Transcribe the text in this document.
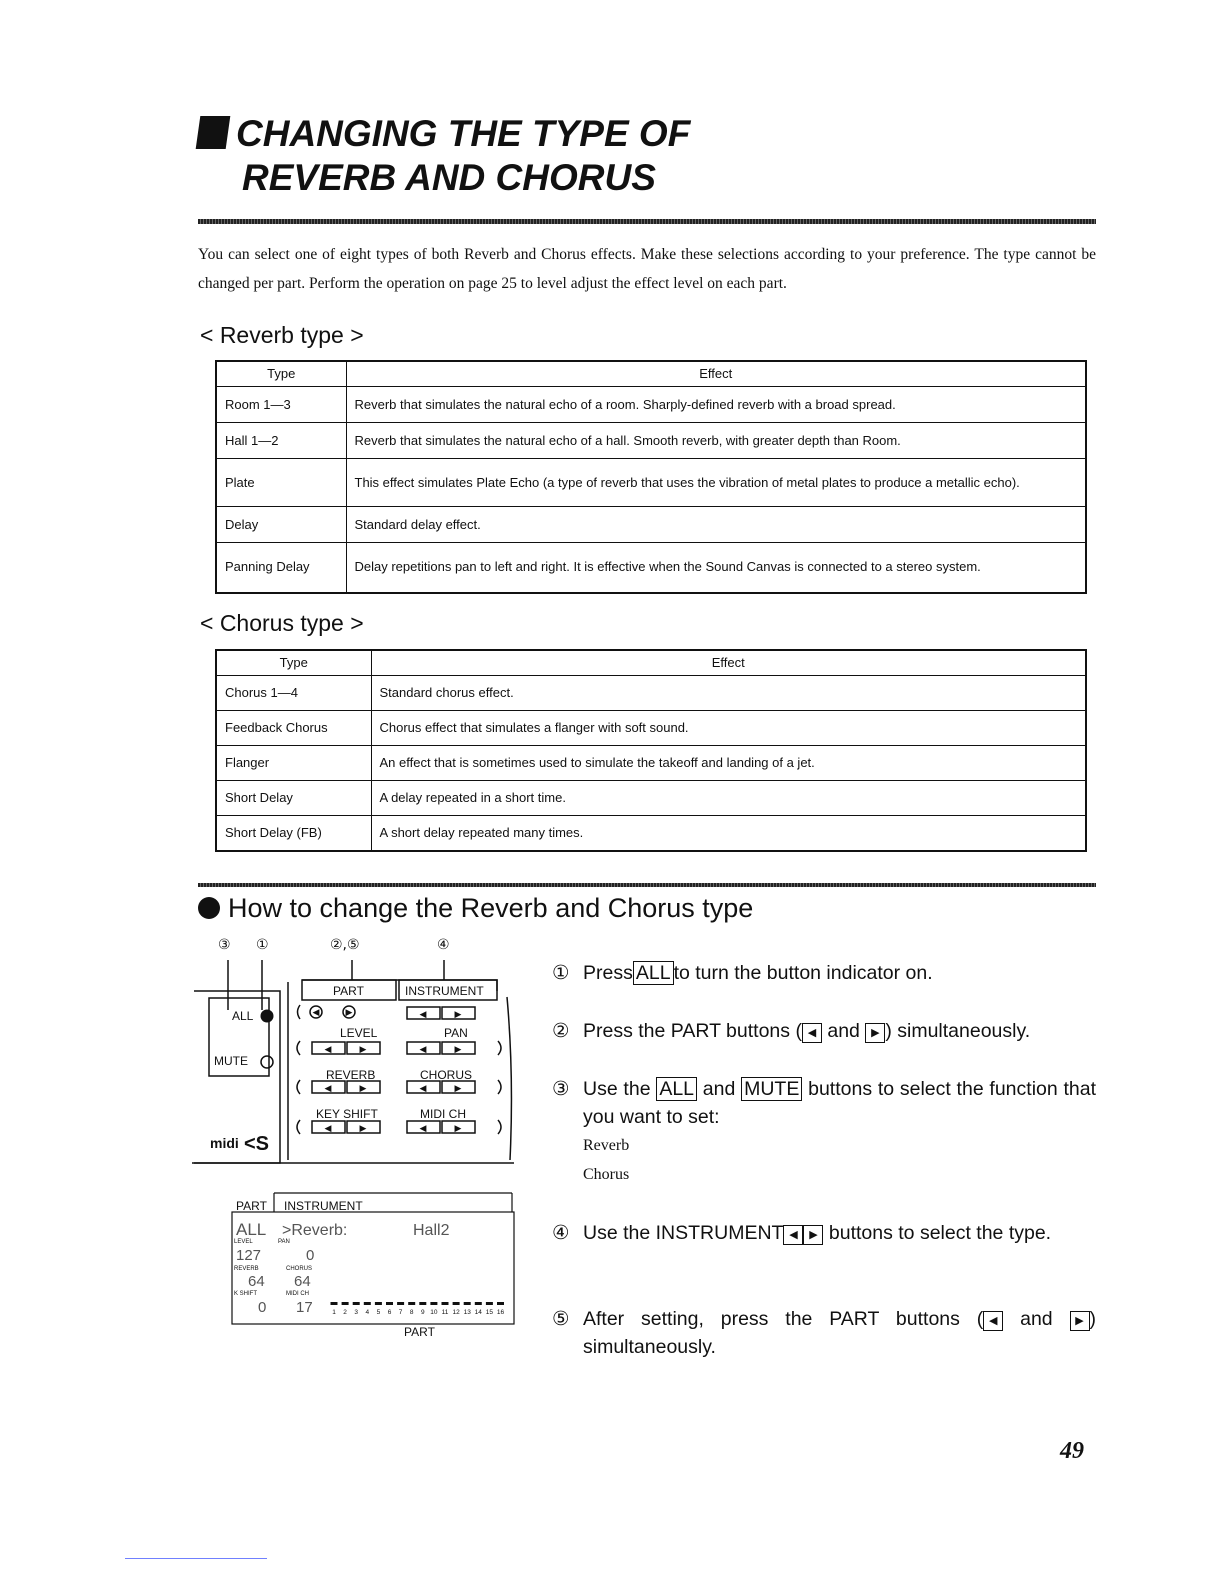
CHANGING THE TYPE OF
REVERB AND CHORUS
You can select one of eight types of both Reverb and Chorus effects. Make these selections according to your preference. The type cannot be changed per part. Perform the operation on page 25 to level adjust the effect level on each part.
< Reverb type >
Type	Effect
Room 1—3	Reverb that simulates the natural echo of a room. Sharply-defined reverb with a broad spread.
Hall 1—2	Reverb that simulates the natural echo of a hall. Smooth reverb, with greater depth than Room.
Plate	This effect simulates Plate Echo (a type of reverb that uses the vibration of metal plates to produce a metallic echo).
Delay	Standard delay effect.
Panning Delay	Delay repetitions pan to left and right. It is effective when the Sound Canvas is connected to a stereo system.
< Chorus type >
Type	Effect
Chorus 1—4	Standard chorus effect.
Feedback Chorus	Chorus effect that simulates a flanger with soft sound.
Flanger	An effect that is sometimes used to simulate the takeoff and landing of a jet.
Short Delay	A delay repeated in a short time.
Short Delay (FB)	A short delay repeated many times.
How to change the Reverb and Chorus type
③ ①	②,⑤	④
ALL
MUTE
PART	INSTRUMENT
LEVEL	PAN
REVERB	CHORUS
KEY SHIFT	MIDI CH
midi <S
◀	▶	◀	▶
◀	▶	◀	▶
◀	▶	◀	▶
◀	▶	◀	▶
PART INSTRUMENT
ALL >Reverb:	Hall2
127	0
64 64
0 17
LEVEL	PAN
REVERB	CHORUS
K SHIFT	MIDI CH
1 2 3 4 5 6 7 8 9 10 11 12 13 14 15 16
PART
① Press ALL to turn the button indicator on.
② Press the PART buttons ( ◀ and ▶ ) simultaneously.
③ Use the ALL and MUTE buttons to select the function that you want to set:
Reverb
Chorus
④ Use the INSTRUMENT ◀ ▶ buttons to select the type.
⑤ After setting, press the PART buttons ( ◀ and ▶ ) simultaneously.
49
